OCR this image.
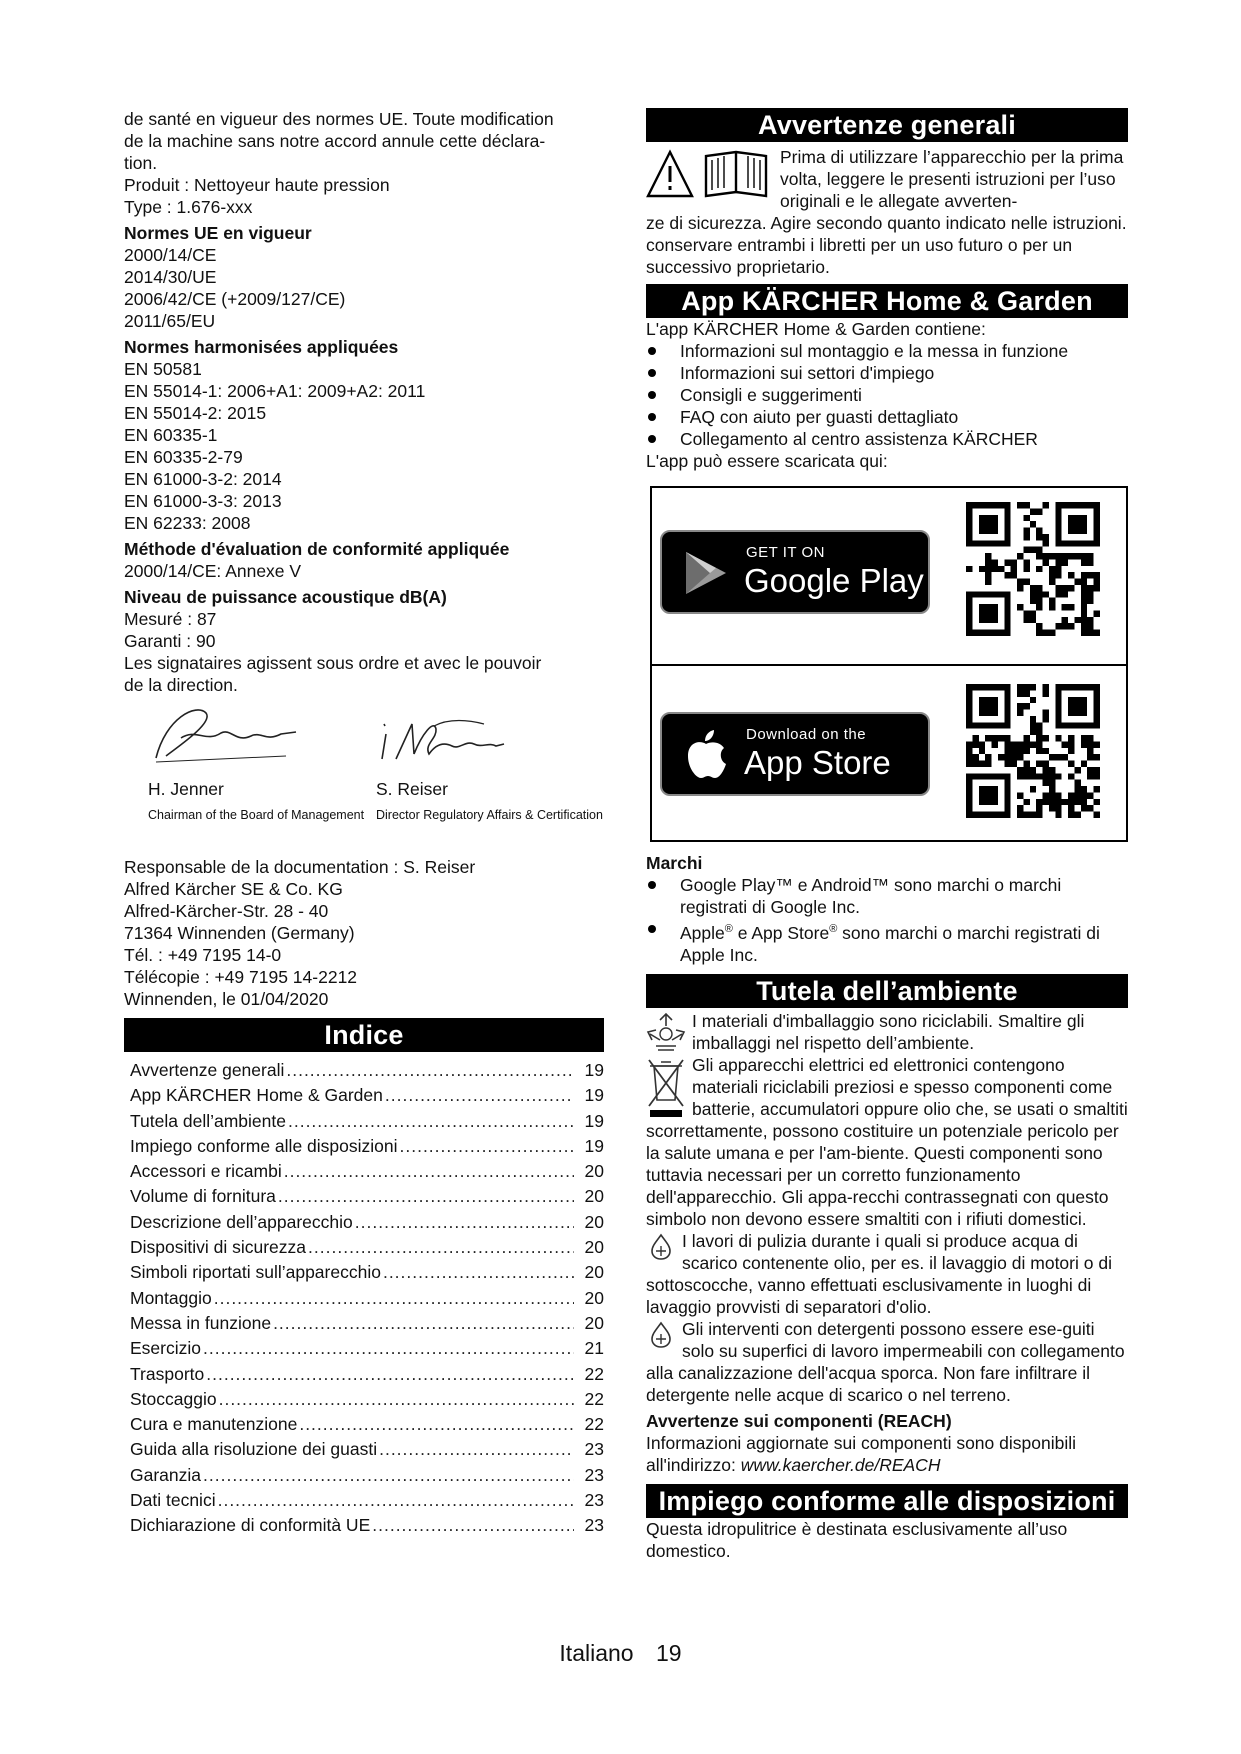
de santé en vigueur des normes UE. Toute modification

de la machine sans notre accord annule cette déclara-

tion.

Produit : Nettoyeur haute pression

Type : 1.676-xxx

Normes UE en vigueur

2000/14/CE

2014/30/UE

2006/42/CE (+2009/127/CE)

2011/65/EU

Normes harmonisées appliquées

EN 50581

EN 55014-1: 2006+A1: 2009+A2: 2011

EN 55014-2: 2015

EN 60335-1

EN 60335-2-79

EN 61000-3-2: 2014

EN 61000-3-3: 2013

EN 62233: 2008

Méthode d'évaluation de conformité appliquée

2000/14/CE: Annexe V

Niveau de puissance acoustique dB(A)

Mesuré : 87

Garanti : 90

Les signataires agissent sous ordre et avec le pouvoir

de la direction.

H. Jenner
Chairman of the Board of Management
S. Reiser
Director Regulatory Affairs & Certification

Responsable de la documentation : S. Reiser

Alfred Kärcher SE & Co. KG

Alfred-Kärcher-Str. 28 - 40

71364 Winnenden (Germany)

Tél. : +49 7195 14-0

Télécopie : +49 7195 14-2212

Winnenden, le 01/04/2020

Indice
Avvertenze generali .....	19
App KÄRCHER Home & Garden .....	19
Tutela dell’ambiente .....	19
Impiego conforme alle disposizioni .....	19
Accessori e ricambi .....	20
Volume di fornitura .....	20
Descrizione dell’apparecchio .....	20
Dispositivi di sicurezza .....	20
Simboli riportati sull’apparecchio .....	20
Montaggio .....	20
Messa in funzione .....	20
Esercizio .....	21
Trasporto .....	22
Stoccaggio .....	22
Cura e manutenzione .....	22
Guida alla risoluzione dei guasti .....	23
Garanzia .....	23
Dati tecnici .....	23
Dichiarazione di conformità UE .....	23
Avvertenze generali

Prima di utilizzare l’apparecchio per la prima volta, leggere le presenti istruzioni per l’uso originali e le allegate avverten-

ze di sicurezza. Agire secondo quanto indicato nelle istruzioni.

conservare entrambi i libretti per un uso futuro o per un successivo proprietario.

App KÄRCHER Home & Garden

L'app KÄRCHER Home & Garden contiene:

Informazioni sul montaggio e la messa in funzione
Informazioni sui settori d'impiego
Consigli e suggerimenti
FAQ con aiuto per guasti dettagliato
Collegamento al centro assistenza KÄRCHER

L'app può essere scaricata qui:

GET IT ON
Google Play
Download on the
App Store

Marchi

Google Play™ e Android™ sono marchi o marchi registrati di Google Inc.
Apple® e App Store® sono marchi o marchi registrati di Apple Inc.
Tutela dell’ambiente

I materiali d'imballaggio sono riciclabili. Smaltire gli imballaggi nel rispetto dell’ambiente.

Gli apparecchi elettrici ed elettronici contengono materiali riciclabili preziosi e spesso componenti come batterie, accumulatori oppure olio che, se usati o smaltiti scorrettamente, possono costituire un potenziale pericolo per la salute umana e per l'am-biente. Questi componenti sono tuttavia necessari per un corretto funzionamento dell'apparecchio. Gli appa-recchi contrassegnati con questo simbolo non devono essere smaltiti con i rifiuti domestici.

I lavori di pulizia durante i quali si produce acqua di scarico contenente olio, per es. il lavaggio di motori o di sottoscocche, vanno effettuati esclusivamente in luoghi di lavaggio provvisti di separatori d'olio.

Gli interventi con detergenti possono essere ese-guiti solo su superfici di lavoro impermeabili con collegamento alla canalizzazione dell'acqua sporca. Non fare infiltrare il detergente nelle acque di scarico o nel terreno.

Avvertenze sui componenti (REACH)

Informazioni aggiornate sui componenti sono disponibili all'indirizzo: www.kaercher.de/REACH

Impiego conforme alle disposizioni

Questa idropulitrice è destinata esclusivamente all’uso domestico.

Italiano 19
